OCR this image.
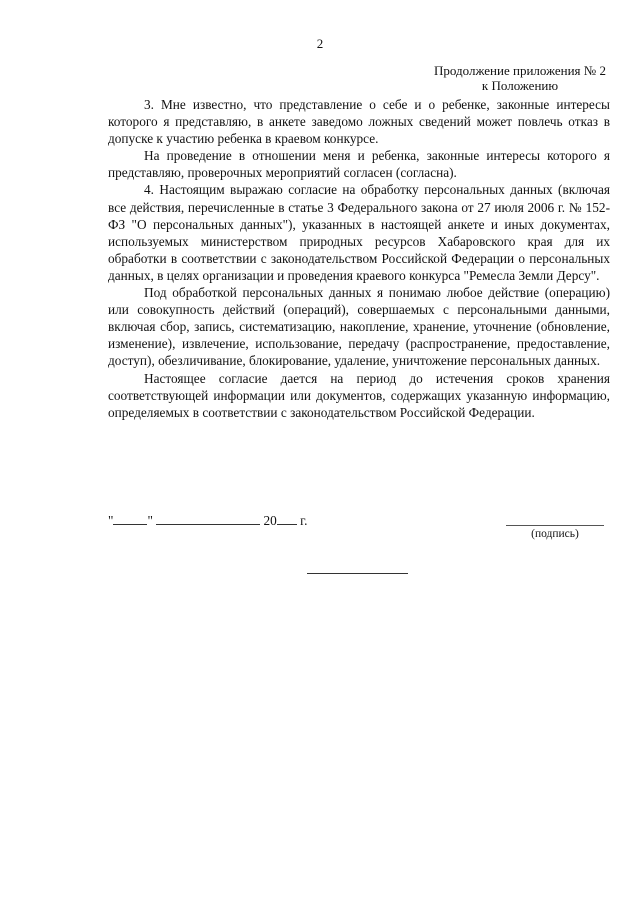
2
Продолжение приложения № 2
к Положению

3. Мне известно, что представление о себе и о ребенке, законные интересы которого я представляю, в анкете заведомо ложных сведений может повлечь отказ в допуске к участию ребенка в краевом конкурсе.

На проведение в отношении меня и ребенка, законные интересы которого я представляю, проверочных мероприятий согласен (согласна).

4. Настоящим выражаю согласие на обработку персональных данных (включая все действия, перечисленные в статье 3 Федерального закона от 27 июля 2006 г. № 152-ФЗ "О персональных данных"), указанных в настоящей анкете и иных документах, используемых министерством природных ресурсов Хабаровского края для их обработки в соответствии с законодательством Российской Федерации о персональных данных, в целях организации и проведения краевого конкурса "Ремесла Земли Дерсу".

Под обработкой персональных данных я понимаю любое действие (операцию) или совокупность действий (операций), совершаемых с персональными данными, включая сбор, запись, систематизацию, накопление, хранение, уточнение (обновление, изменение), извлечение, использование, передачу (распространение, предоставление, доступ), обезличивание, блокирование, удаление, уничтожение персональных данных.

Настоящее согласие дается на период до истечения сроков хранения соответствующей информации или документов, содержащих указанную информацию, определяемых в соответствии с законодательством Российской Федерации.

"	"	20 г.
(подпись)
